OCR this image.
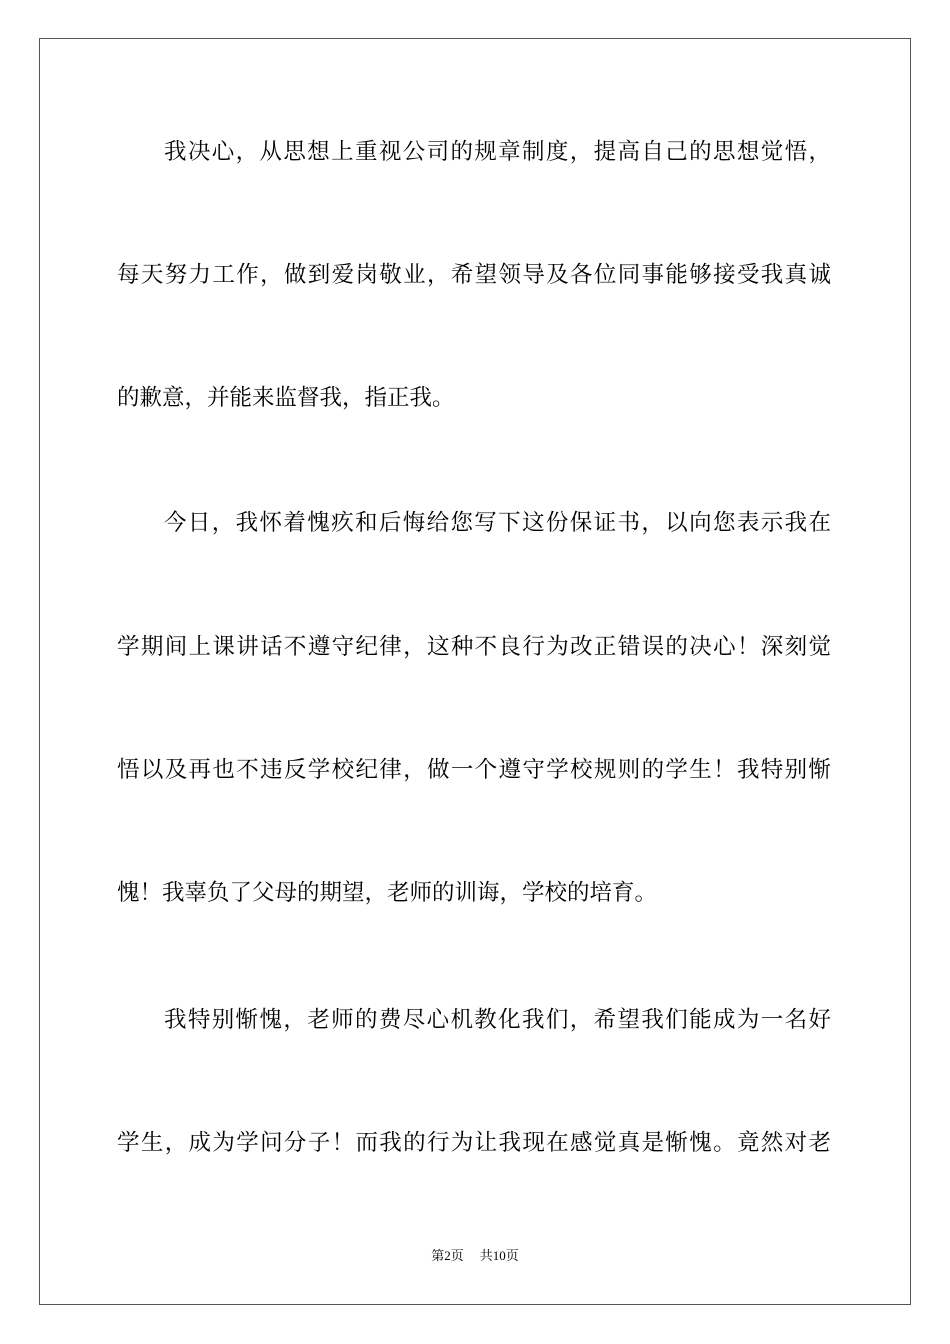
我决心，从思想上重视公司的规章制度，提高自己的思想觉悟，
每天努力工作，做到爱岗敬业，希望领导及各位同事能够接受我真诚
的歉意，并能来监督我，指正我。
今日，我怀着愧疚和后悔给您写下这份保证书，以向您表示我在
学期间上课讲话不遵守纪律，这种不良行为改正错误的决心！深刻觉
悟以及再也不违反学校纪律，做一个遵守学校规则的学生！我特别惭
愧！我辜负了父母的期望，老师的训诲，学校的培育。
我特别惭愧，老师的费尽心机教化我们，希望我们能成为一名好
学生，成为学问分子！而我的行为让我现在感觉真是惭愧。竟然对老
第2页 共10页
